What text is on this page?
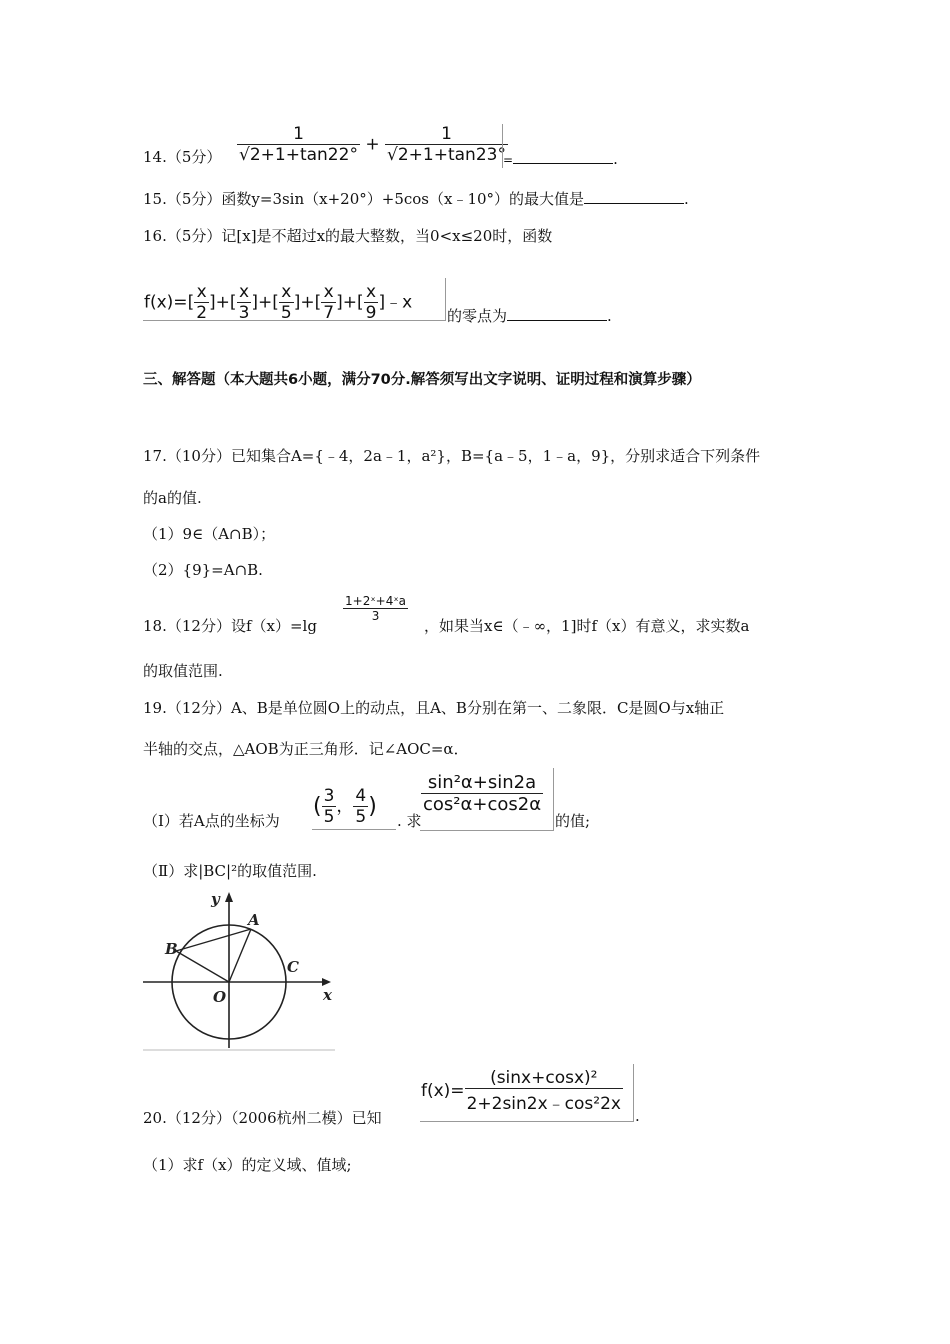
14.（5分） $\frac{1}{√2+1+\tan 22^\circ} + \frac{1}{√2+1+\tan 23^\circ}$
=	.
15.（5分）函数y=3sin（x+20°）+5cos（x﹣10°）的最大值是	.
16.（5分）记[x]是不超过x的最大整数，当0<x≤20时，函数
$f(x)=[ \frac{x}{2}$ ]+[ $\frac{x}{3}$ ]+[ $\frac{x}{5}$ ]+[ $\frac{x}{7}$ ]+[ $\frac{x}{9}$ ]﹣x
的零点为	.
三、解答题（本大题共6小题，满分70分.解答须写出文字说明、证明过程和演算步骤）
17.（10分）已知集合A={﹣4，2a﹣1，a²}，B={a﹣5，1﹣a，9}，分别求适合下列条件
的a的值.
（1）9∈（A∩B）；
（2）{9}=A∩B.
18.（12分）设f（x）=lg
$\frac{\text{1+2ˣ+4ˣa}}{3}$
，如果当x∈（﹣∞，1]时f（x）有意义，求实数a
的取值范围.
19.（12分）A、B是单位圆O上的动点，且A、B分别在第一、二象限．C是圆O与x轴正
半轴的交点，△AOB为正三角形．记∠AOC=α．
（Ⅰ）若A点的坐标为
( $\frac{3}{5}$ ， $\frac{4}{5}$ )
. 求
$\frac{\text{sin²α+sin2a}}{\text{cos²α+cos2α}}$
的值;
（Ⅱ）求|BC|²的取值范围.
y
x
O
A
B
C
20.（12分）（2006杭州二模）已知
$f(x)= \frac{\text{(sinx+cosx)²}}{\text{2+2sin2x﹣cos²2x}}$
.
（1）求f（x）的定义域、值域;
